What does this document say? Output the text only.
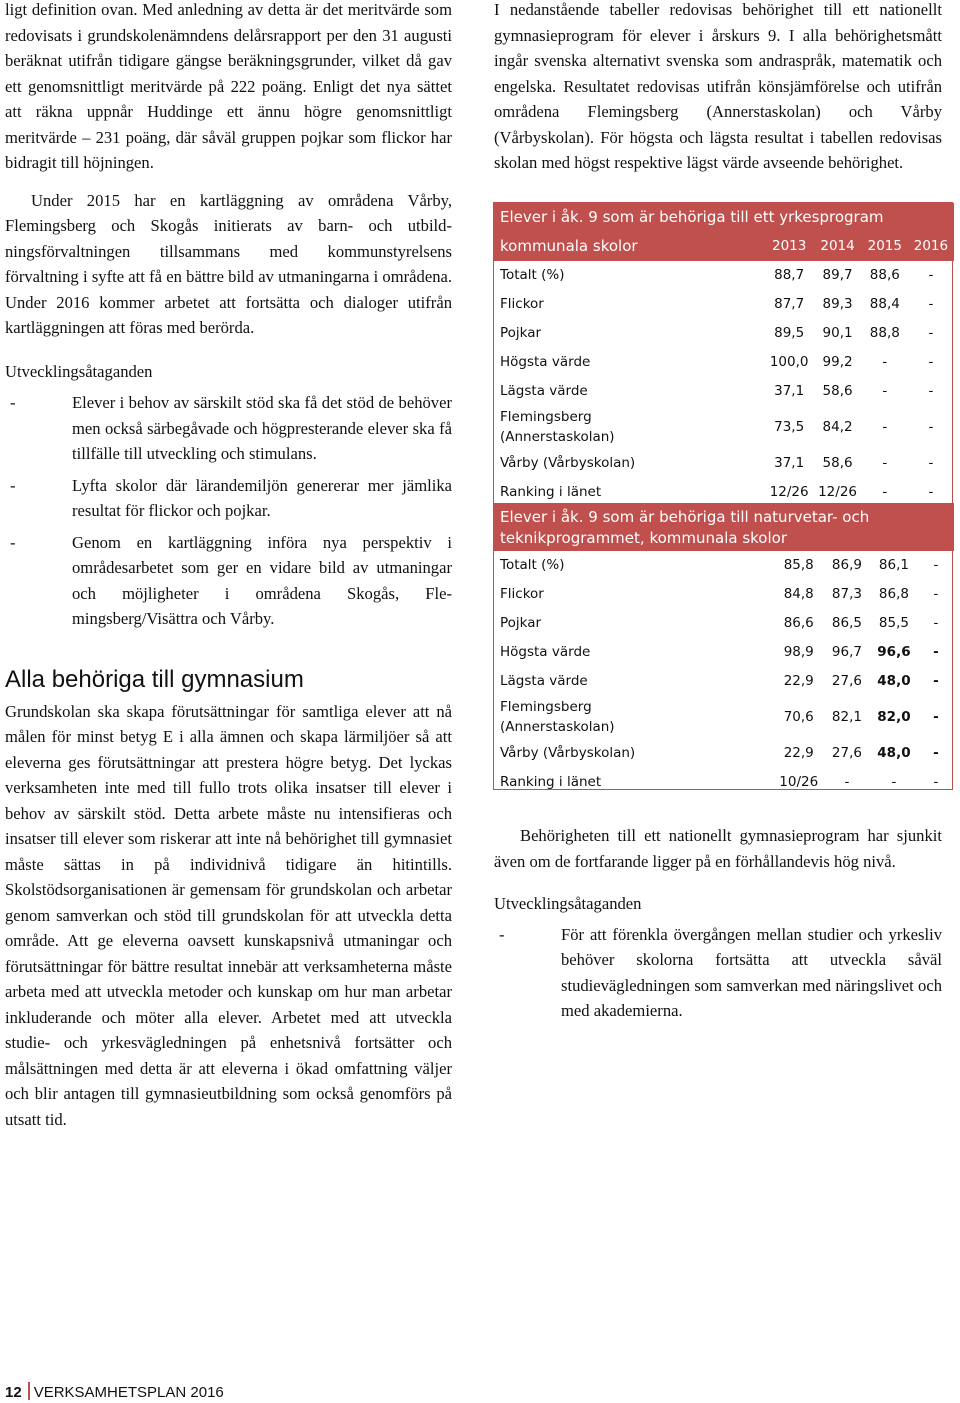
ligt definition ovan. Med anledning av detta är det meritvärde som redovisats i grundskolenämndens delårsrapport per den 31 augusti beräknat utifrån tidigare gängse beräkningsgrunder, vilket då gav ett genomsnittligt meritvärde på 222 poäng. Enligt det nya sättet att räkna uppnår Huddinge ett ännu högre genomsnittligt meritvärde – 231 poäng, där såväl gruppen pojkar som flickor har bidragit till höjningen.

Under 2015 har en kartläggning av områdena Vårby, Flemingsberg och Skogås initierats av barn- och utbildningsförvaltningen tillsammans med kommunstyrelsens förvaltning i syfte att få en bättre bild av utmaningarna i områdena. Under 2016 kommer arbetet att fortsätta och dialoger utifrån kartläggningen att föras med berörda.

Utvecklingsåtaganden

-	Elever i behov av särskilt stöd ska få det stöd de behöver men också särbegåvade och högpresterande elever ska få tillfälle till utveckling och stimulans.
-	Lyfta skolor där lärandemiljön genererar mer jämlika resultat för flickor och pojkar.
-	Genom en kartläggning införa nya perspektiv i områdesarbetet som ger en vidare bild av utmaningar och möjligheter i områdena Skogås, Flemingsberg/Visättra och Vårby.
Alla behöriga till gymnasium

Grundskolan ska skapa förutsättningar för samtliga elever att nå målen för minst betyg E i alla ämnen och skapa lärmiljöer så att eleverna ges förutsättningar att prestera högre betyg. Det lyckas verksamheten inte med till fullo trots olika insatser till elever i behov av särskilt stöd. Detta arbete måste nu intensifieras och insatser till elever som riskerar att inte nå behörighet till gymnasiet måste sättas in på individnivå tidigare än hitintills. Skolstödsorganisationen är gemensam för grundskolan och arbetar genom samverkan och stöd till grundskolan för att utveckla detta område. Att ge eleverna oavsett kunskapsnivå utmaningar och förutsättningar för bättre resultat innebär att verksamheterna måste arbeta med att utveckla metoder och kunskap om hur man arbetar inkluderande och möter alla elever. Arbetet med att utveckla studie- och yrkesvägledningen på enhetsnivå fortsätter och målsättningen med detta är att eleverna i ökad omfattning väljer och blir antagen till gymnasieutbildning som också genomförs på utsatt tid.

I nedanstående tabeller redovisas behörighet till ett nationellt gymnasieprogram för elever i årskurs 9. I alla behörighetsmått ingår svenska alternativt svenska som andraspråk, matematik och engelska. Resultatet redovisas utifrån könsjämförelse och utifrån områdena Flemingsberg (Annerstaskolan) och Vårby (Vårbyskolan). För högsta och lägsta resultat i tabellen redovisas skolan med högst respektive lägst värde avseende behörighet.

Elever i åk. 9 som är behöriga till ett yrkesprogram				
kommunala skolor	2013	2014	2015	2016
Totalt (%)	88,7	89,7	88,6	-
Flickor	87,7	89,3	88,4	-
Pojkar	89,5	90,1	88,8	-
Högsta värde	100,0	99,2	-	-
Lägsta värde	37,1	58,6	-	-
Flemingsberg (Annerstaskolan)	73,5	84,2	-	-
Vårby (Vårbyskolan)	37,1	58,6	-	-
Ranking i länet	12/26	12/26	-	-
Elever i åk. 9 som är behöriga till naturvetar- och teknikprogrammet, kommunala skolor				
Totalt (%)	85,8	86,9	86,1	-
Flickor	84,8	87,3	86,8	-
Pojkar	86,6	86,5	85,5	-
Högsta värde	98,9	96,7	96,6	-
Lägsta värde	22,9	27,6	48,0	-
Flemingsberg (Annerstaskolan)	70,6	82,1	82,0	-
Vårby (Vårbyskolan)	22,9	27,6	48,0	-
Ranking i länet	10/26	-	-	-

Behörigheten till ett nationellt gymnasieprogram har sjunkit även om de fortfarande ligger på en förhållandevis hög nivå.

Utvecklingsåtaganden

-	För att förenkla övergången mellan studier och yrkesliv behöver skolorna fortsätta att utveckla såväl studievägledningen som samverkan med näringslivet och med akademierna.
12 VERKSAMHETSPLAN 2016
